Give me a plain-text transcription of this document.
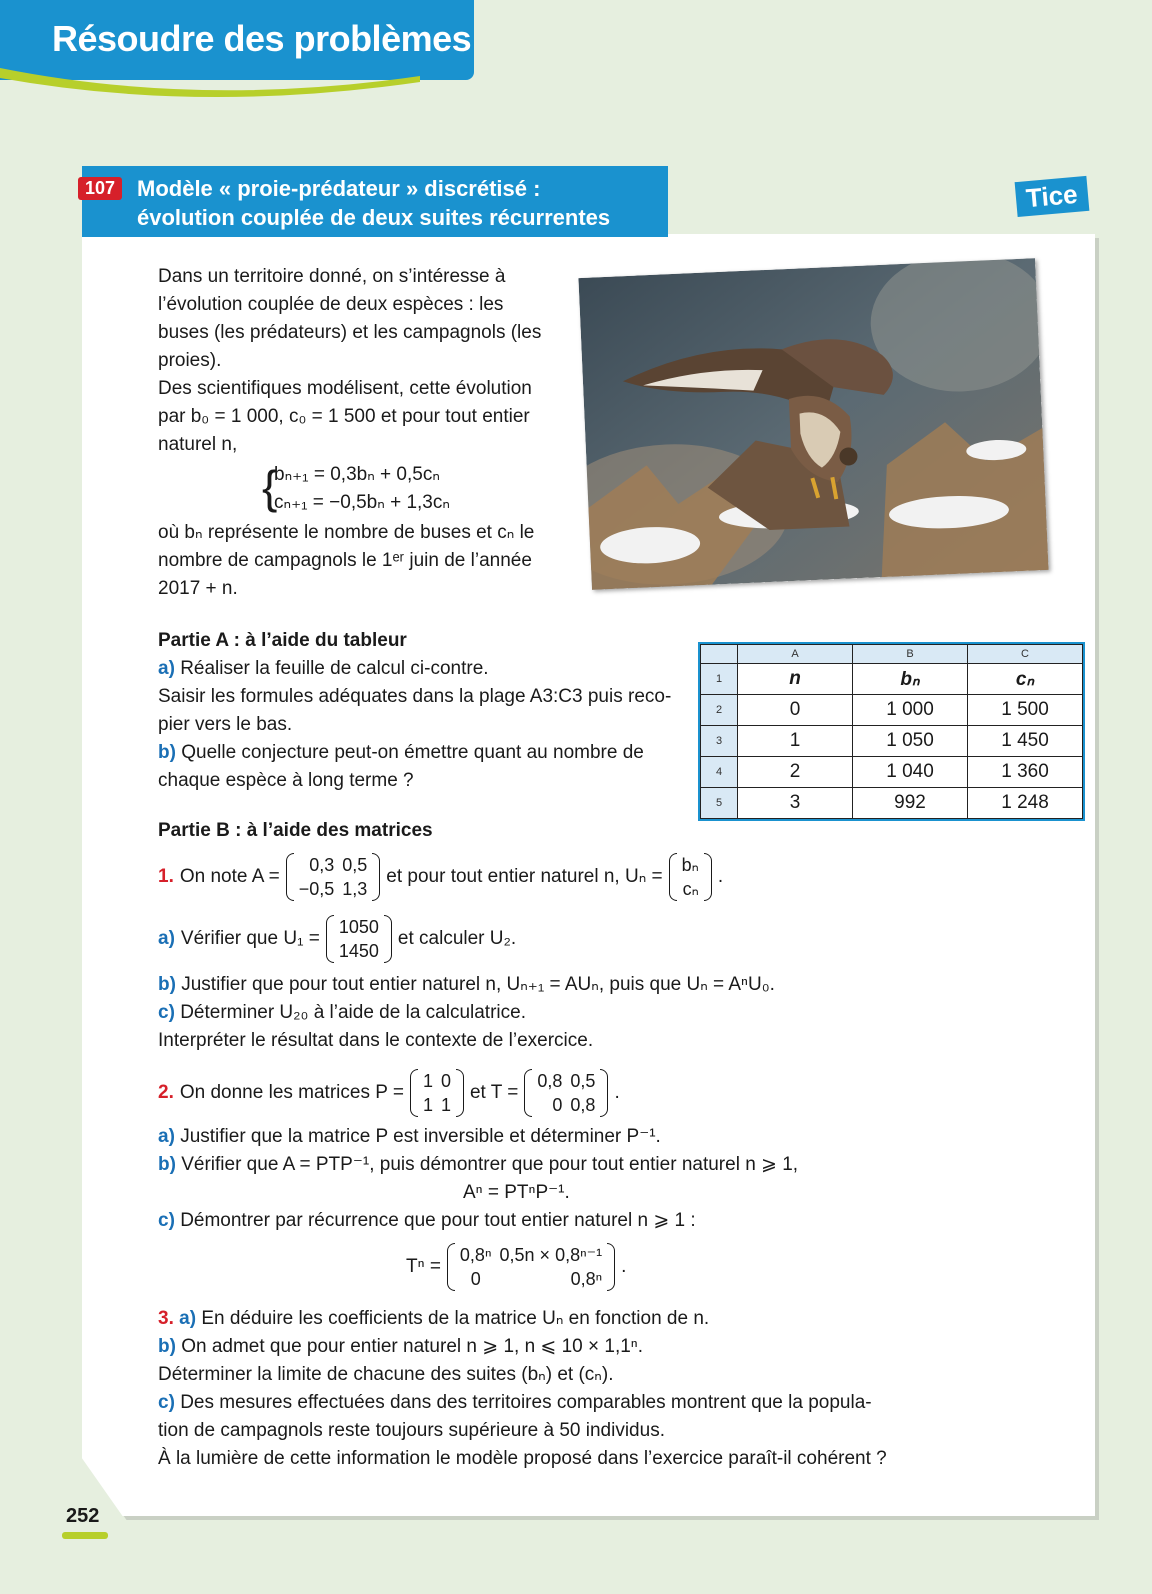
Résoudre des problèmes
107 Modèle « proie-prédateur » discrétisé :
évolution couplée de deux suites récurrentes
Tice
Dans un territoire donné, on s’intéresse à
l’évolution couplée de deux espèces : les
buses (les prédateurs) et les campagnols (les
proies).
Des scientifiques modélisent, cette évolution
par b₀ = 1 000, c₀ = 1 500 et pour tout entier
naturel n,
{
bₙ₊₁ = 0,3bₙ + 0,5cₙ
cₙ₊₁ = −0,5bₙ + 1,3cₙ
où bₙ représente le nombre de buses et cₙ le
nombre de campagnols le 1ᵉʳ juin de l’année
2017 + n.
Partie A : à l’aide du tableur
a) Réaliser la feuille de calcul ci-contre.
Saisir les formules adéquates dans la plage A3:C3 puis reco-
pier vers le bas.
b) Quelle conjecture peut-on émettre quant au nombre de
chaque espèce à long terme ?
	A	B	C
1	n	bₙ	cₙ
2	0	1 000	1 500
3	1	1 050	1 450
4	2	1 040	1 360
5	3	992	1 248
Partie B : à l’aide des matrices
1. On note A =
0,3	0,5
−0,5	1,3
et pour tout entier naturel n, Uₙ =
bₙ
cₙ
.
a) Vérifier que U₁ =
1050
1450
et calculer U₂.
b) Justifier que pour tout entier naturel n, Uₙ₊₁ = AUₙ, puis que Uₙ = AⁿU₀.
c) Déterminer U₂₀ à l’aide de la calculatrice.
Interpréter le résultat dans le contexte de l’exercice.
2. On donne les matrices P =
1	0
1	1
et T =
0,8	0,5
0	0,8
.
a) Justifier que la matrice P est inversible et déterminer P⁻¹.
b) Vérifier que A = PTP⁻¹, puis démontrer que pour tout entier naturel n ⩾ 1,
Aⁿ = PTⁿP⁻¹.
c) Démontrer par récurrence que pour tout entier naturel n ⩾ 1 :
Tⁿ =
0,8ⁿ	0,5n × 0,8ⁿ⁻¹
0	0,8ⁿ
.
3. a) En déduire les coefficients de la matrice Uₙ en fonction de n.
b) On admet que pour entier naturel n ⩾ 1, n ⩽ 10 × 1,1ⁿ.
Déterminer la limite de chacune des suites (bₙ) et (cₙ).
c) Des mesures effectuées dans des territoires comparables montrent que la popula-
tion de campagnols reste toujours supérieure à 50 individus.
À la lumière de cette information le modèle proposé dans l’exercice paraît-il cohérent ?
252
